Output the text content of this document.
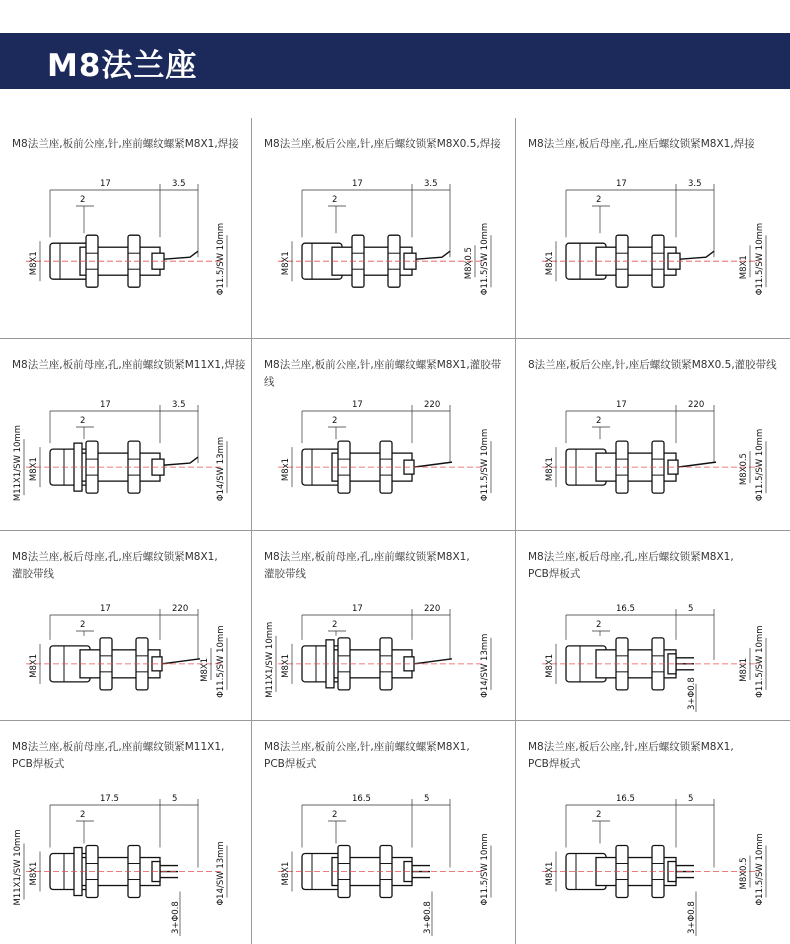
M8法兰座
M8法兰座,板前公座,针,座前螺纹螺紧M8X1,焊接
17	3.5
2
M8X1	Φ11.5/SW 10mm
M8法兰座,板后公座,针,座后螺纹锁紧M8X0.5,焊接
17	3.5
2
M8X1	M8X0.5 Φ11.5/SW 10mm
M8法兰座,板后母座,孔,座后螺纹锁紧M8X1,焊接
17	3.5
2
M8X1	M8X1 Φ11.5/SW 10mm
M8法兰座,板前母座,孔,座前螺纹锁紧M11X1,焊接
17	3.5
2
M8X1
M11X1/SW 10mm	Φ14/SW 13mm
M8法兰座,板前公座,针,座前螺纹螺紧M8X1,灌胶带线
17	220
2
M8x1	Φ11.5/SW 10mm
8法兰座,板后公座,针,座后螺纹锁紧M8X0.5,灌胶带线
17	220
2
M8X1	M8X0.5 Φ11.5/SW 10mm
M8法兰座,板后母座,孔,座后螺纹锁紧M8X1,
灌胶带线
17	220
2
M8X1	M8X1 Φ11.5/SW 10mm
M8法兰座,板前母座,孔,座前螺纹锁紧M8X1,
灌胶带线
17	220
2
M8X1
M11X1/SW 10mm	Φ14/SW 13mm
M8法兰座,板后母座,孔,座后螺纹锁紧M8X1,
PCB焊板式
16.5	5
2
3+Φ0.8
M8X1	M8X1 Φ11.5/SW 10mm
M8法兰座,板前母座,孔,座前螺纹锁紧M11X1,
PCB焊板式
17.5	5
2
3+Φ0.8
M8X1
M11X1/SW 10mm	Φ14/SW 13mm
M8法兰座,板前公座,针,座前螺纹螺紧M8X1,
PCB焊板式
16.5	5
2
3+Φ0.8
M8X1	Φ11.5/SW 10mm
M8法兰座,板后公座,针,座后螺纹锁紧M8X1,
PCB焊板式
16.5	5
2
3+Φ0.8
M8X1	M8X0.5 Φ11.5/SW 10mm
